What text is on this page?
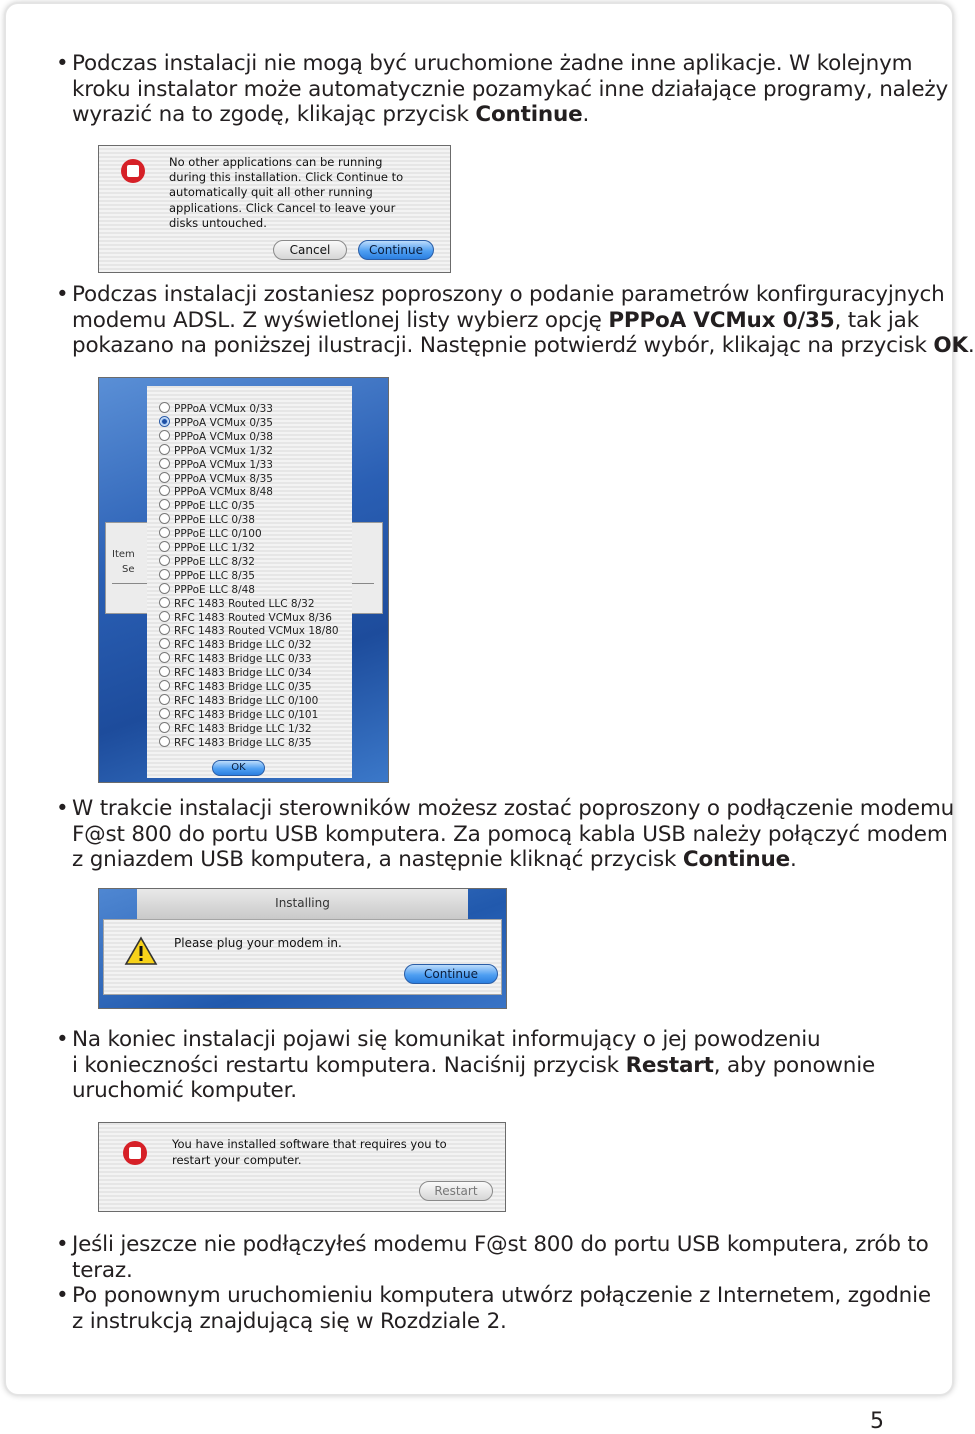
• Podczas instalacji nie mogą być uruchomione żadne inne aplikacje. W kolejnym
kroku instalator może automatycznie pozamykać inne działające programy, należy
wyrazić na to zgodę, klikając przycisk Continue.
No other applications can be running
during this installation. Click Continue to
automatically quit all other running
applications. Click Cancel to leave your
disks untouched.
Cancel	Continue
• Podczas instalacji zostaniesz poproszony o podanie parametrów konfirguracyjnych
modemu ADSL. Z wyświetlonej listy wybierz opcję PPPoA VCMux 0/35, tak jak
pokazano na poniższej ilustracji. Następnie potwierdź wybór, klikając na przycisk OK.
Item
Se
PPPoA VCMux 0/33
PPPoA VCMux 0/35
PPPoA VCMux 0/38
PPPoA VCMux 1/32
PPPoA VCMux 1/33
PPPoA VCMux 8/35
PPPoA VCMux 8/48
PPPoE LLC 0/35
PPPoE LLC 0/38
PPPoE LLC 0/100
PPPoE LLC 1/32
PPPoE LLC 8/32
PPPoE LLC 8/35
PPPoE LLC 8/48
RFC 1483 Routed LLC 8/32
RFC 1483 Routed VCMux 8/36
RFC 1483 Routed VCMux 18/80
RFC 1483 Bridge LLC 0/32
RFC 1483 Bridge LLC 0/33
RFC 1483 Bridge LLC 0/34
RFC 1483 Bridge LLC 0/35
RFC 1483 Bridge LLC 0/100
RFC 1483 Bridge LLC 0/101
RFC 1483 Bridge LLC 1/32
RFC 1483 Bridge LLC 8/35
OK
• W trakcie instalacji sterowników możesz zostać poproszony o podłączenie modemu
F@st 800 do portu USB komputera. Za pomocą kabla USB należy połączyć modem
z gniazdem USB komputera, a następnie kliknąć przycisk Continue.
Installing
Please plug your modem in.
Continue
• Na koniec instalacji pojawi się komunikat informujący o jej powodzeniu
i konieczności restartu komputera. Naciśnij przycisk Restart, aby ponownie
uruchomić komputer.
You have installed software that requires you to
restart your computer.
Restart
• Jeśli jeszcze nie podłączyłeś modemu F@st 800 do portu USB komputera, zrób to
teraz.
• Po ponownym uruchomieniu komputera utwórz połączenie z Internetem, zgodnie
z instrukcją znajdującą się w Rozdziale 2.
5
